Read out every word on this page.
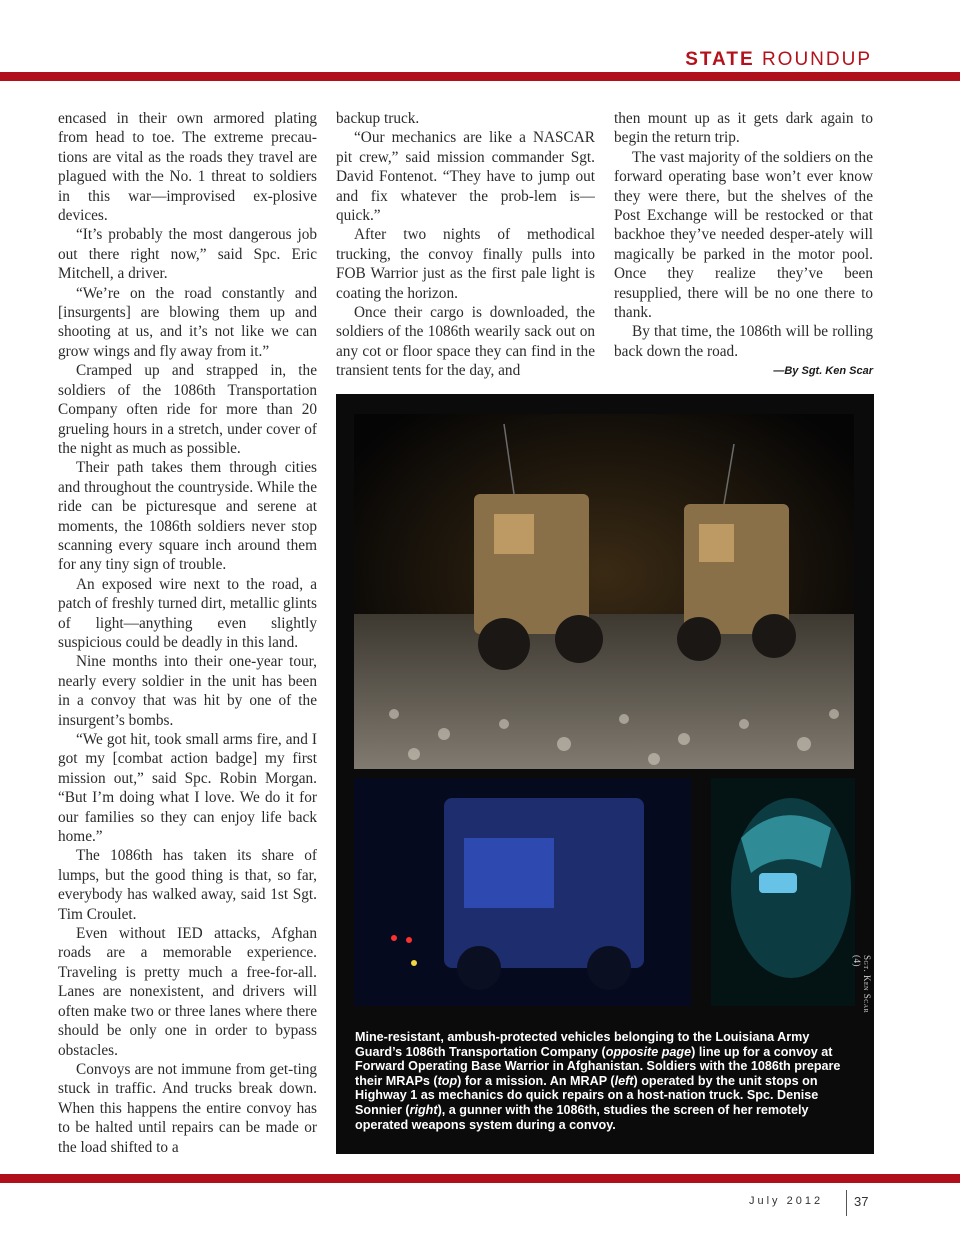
STATE ROUNDUP

encased in their own armored plating from head to toe. The extreme precau-tions are vital as the roads they travel are plagued with the No. 1 threat to soldiers in this war—improvised ex-plosive devices.

“It’s probably the most dangerous job out there right now,” said Spc. Eric Mitchell, a driver.

“We’re on the road constantly and [insurgents] are blowing them up and shooting at us, and it’s not like we can grow wings and fly away from it.”

Cramped up and strapped in, the soldiers of the 1086th Transportation Company often ride for more than 20 grueling hours in a stretch, under cover of the night as much as possible.

Their path takes them through cities and throughout the countryside. While the ride can be picturesque and serene at moments, the 1086th soldiers never stop scanning every square inch around them for any tiny sign of trouble.

An exposed wire next to the road, a patch of freshly turned dirt, metallic glints of light—anything even slightly suspicious could be deadly in this land.

Nine months into their one-year tour, nearly every soldier in the unit has been in a convoy that was hit by one of the insurgent’s bombs.

“We got hit, took small arms fire, and I got my [combat action badge] my first mission out,” said Spc. Robin Morgan. “But I’m doing what I love. We do it for our families so they can enjoy life back home.”

The 1086th has taken its share of lumps, but the good thing is that, so far, everybody has walked away, said 1st Sgt. Tim Croulet.

Even without IED attacks, Afghan roads are a memorable experience. Traveling is pretty much a free-for-all. Lanes are nonexistent, and drivers will often make two or three lanes where there should be only one in order to bypass obstacles.

Convoys are not immune from get-ting stuck in traffic. And trucks break down. When this happens the entire convoy has to be halted until repairs can be made or the load shifted to a

backup truck.

“Our mechanics are like a NASCAR pit crew,” said mission commander Sgt. David Fontenot. “They have to jump out and fix whatever the prob-lem is—quick.”

After two nights of methodical trucking, the convoy finally pulls into FOB Warrior just as the first pale light is coating the horizon.

Once their cargo is downloaded, the soldiers of the 1086th wearily sack out on any cot or floor space they can find in the transient tents for the day, and

then mount up as it gets dark again to begin the return trip.

The vast majority of the soldiers on the forward operating base won’t ever know they were there, but the shelves of the Post Exchange will be restocked or that backhoe they’ve needed desper-ately will magically be parked in the motor pool. Once they realize they’ve been resupplied, there will be no one there to thank.

By that time, the 1086th will be rolling back down the road.

—By Sgt. Ken Scar
Mine-resistant, ambush-protected vehicles belonging to the Louisiana Army Guard’s 1086th Transportation Company (opposite page) line up for a convoy at Forward Operating Base Warrior in Afghanistan. Soldiers with the 1086th prepare their MRAPs (top) for a mission. An MRAP (left) operated by the unit stops on Highway 1 as mechanics do quick repairs on a host-nation truck. Spc. Denise Sonnier (right), a gunner with the 1086th, studies the screen of her remotely operated weapons system during a convoy.
Sgt. Ken Scar (4)
July 2012 37
